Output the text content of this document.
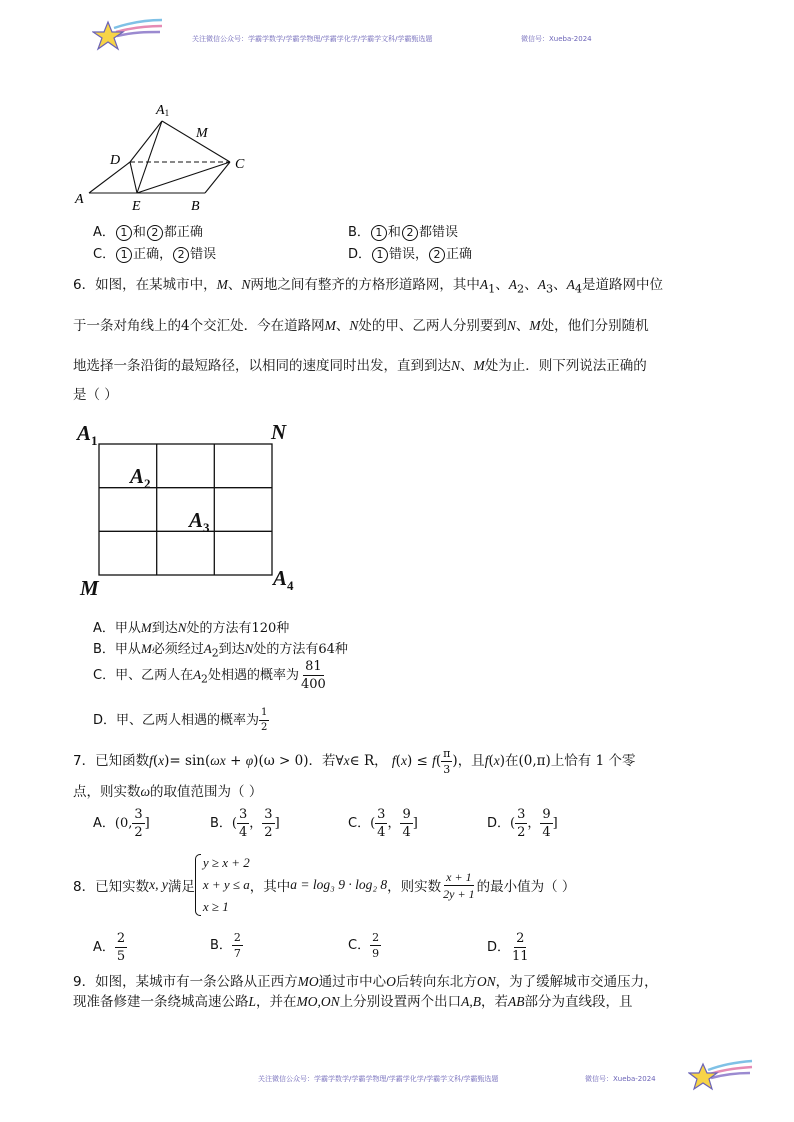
关注微信公众号：学霸学数学/学霸学物理/学霸学化学/学霸学文科/学霸甄选题	微信号：Xueba-2024
A1
M
D	C
A	E	B
A． 1 和 2 都正确	B． 1 和 2 都错误
C． 1 正确， 2 错误	D． 1 错误， 2 正确
6．如图，在某城市中，M、N两地之间有整齐的方格形道路网，其中$A_1$、$A_2$、$A_3$、$A_4$是道路网中位
于一条对角线上的4个交汇处．今在道路网M、N处的甲、乙两人分别要到N、M处，他们分别随机
地选择一条沿街的最短路径，以相同的速度同时出发，直到到达N、M处为止．则下列说法正确的
是（ ）
$A_1$	N
$A_2$
$A_3$
M	$A_4$
A．甲从M到达N处的方法有120种
B．甲从M必须经过$A_2$到达N处的方法有64种
C．甲、乙两人在$A_2$处相遇的概率为 $\frac{81}{400}$
D．甲、乙两人相遇的概率为 $\frac{1}{2}$
7．已知函数f(x)= sin(ωx + φ)(ω > 0)．若∀x∈ R， $f(x) \le f( \frac{\pi}{3}$ )，且f(x)在(0,π)上恰有 1 个零
点，则实数ω的取值范围为（ ）
A．(0, $\frac{3}{2}$ ]	B．( $\frac{3}{4}$ ， $\frac{3}{2}$ ]	C．( $\frac{3}{4}$ ， $\frac{9}{4}$ ]	D．( $\frac{3}{2}$ ， $\frac{9}{4}$ ]
8． 已知实数 x, y 满足
y ≥ x + 2
x + y ≤ a
x ≥ 1
，其中 a = log₃ 9 · log₂ 8 ，则实数 $\frac{x + 1}{2y + 1}$ 的最小值为（ ）
A． $\frac{2}{5}$	B． $\frac{2}{7}$	C． $\frac{2}{9}$	D． $\frac{2}{11}$
9．如图，某城市有一条公路从正西方MO通过市中心O后转向东北方ON，为了缓解城市交通压力，
现准备修建一条绕城高速公路L，并在MO,ON上分别设置两个出口A,B，若AB部分为直线段，且
关注微信公众号：学霸学数学/学霸学物理/学霸学化学/学霸学文科/学霸甄选题	微信号：Xueba-2024
